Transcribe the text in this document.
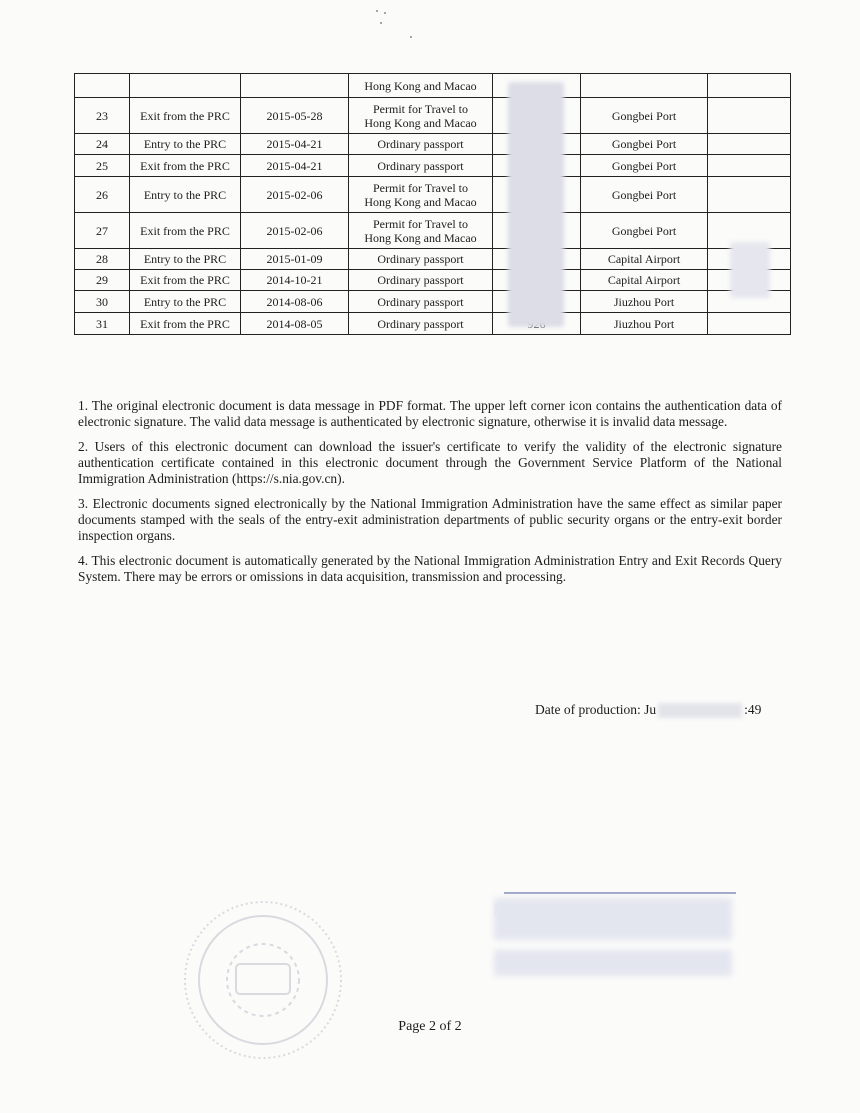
			Hong Kong and Macao			
23	Exit from the PRC	2015-05-28	Permit for Travel to
Hong Kong and Macao		Gongbei Port	
24	Entry to the PRC	2015-04-21	Ordinary passport		Gongbei Port	
25	Exit from the PRC	2015-04-21	Ordinary passport		Gongbei Port	
26	Entry to the PRC	2015-02-06	Permit for Travel to
Hong Kong and Macao		Gongbei Port	
27	Exit from the PRC	2015-02-06	Permit for Travel to
Hong Kong and Macao		Gongbei Port	
28	Entry to the PRC	2015-01-09	Ordinary passport		Capital Airport	
29	Exit from the PRC	2014-10-21	Ordinary passport		Capital Airport	
30	Entry to the PRC	2014-08-06	Ordinary passport		Jiuzhou Port	
31	Exit from the PRC	2014-08-05	Ordinary passport		Jiuzhou Port	

1. The original electronic document is data message in PDF format. The upper left corner icon contains the authentication data of electronic signature. The valid data message is authenticated by electronic signature, otherwise it is invalid data message.

2. Users of this electronic document can download the issuer's certificate to verify the validity of the electronic signature authentication certificate contained in this electronic document through the Government Service Platform of the National Immigration Administration (https://s.nia.gov.cn).

3. Electronic documents signed electronically by the National Immigration Administration have the same effect as similar paper documents stamped with the seals of the entry-exit administration departments of public security organs or the entry-exit border inspection organs.

4. This electronic document is automatically generated by the National Immigration Administration Entry and Exit Records Query System. There may be errors or omissions in data acquisition, transmission and processing.

Date of production: Ju	:49
Page 2 of 2
